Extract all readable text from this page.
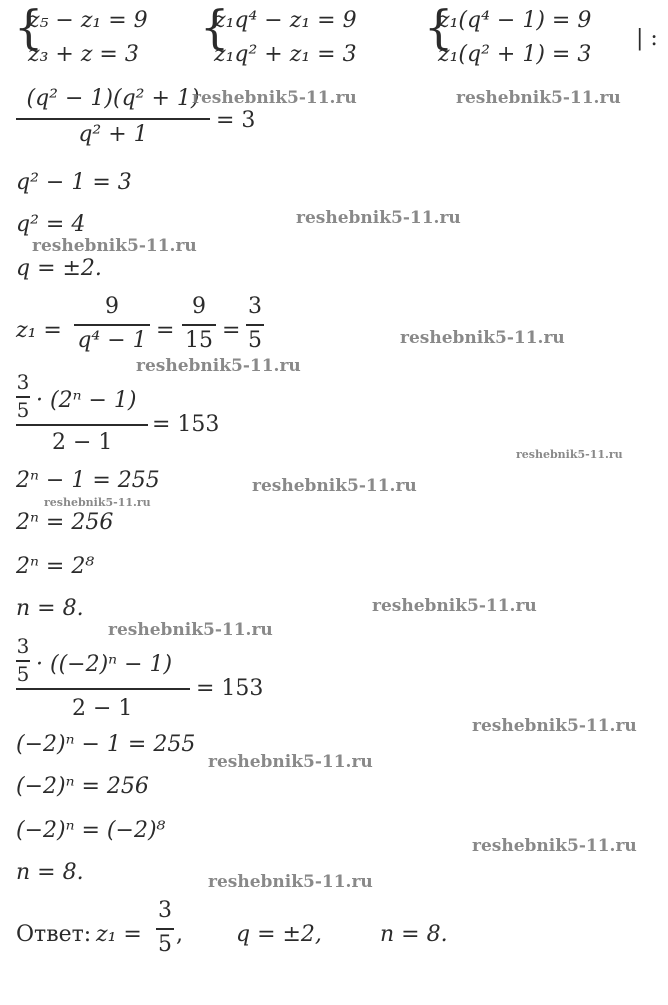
{
z₅ − z₁ = 9
z₃ + z = 3
{
z₁q⁴ − z₁ = 9
z₁q² + z₁ = 3
{
z₁(q⁴ − 1) = 9
z₁(q² + 1) = 3
| :
(q² − 1)(q² + 1)
q² + 1
= 3
q² − 1 = 3
q² = 4
q = ±2.
z₁ =
9
q⁴ − 1 =
9
15 =
3
5
3
5 · (2ⁿ − 1)
2 − 1
= 153
2ⁿ − 1 = 255
2ⁿ = 256
2ⁿ = 2⁸
n = 8.
3
5 · ((−2)ⁿ − 1)
2 − 1
= 153
(−2)ⁿ − 1 = 255
(−2)ⁿ = 256
(−2)ⁿ = (−2)⁸
n = 8.
Ответ: z₁ =
3
5 , q = ±2,	n = 8.
reshebnik5-11.ru	reshebnik5-11.ru
reshebnik5-11.ru
reshebnik5-11.ru
reshebnik5-11.ru
reshebnik5-11.ru
reshebnik5-11.ru
reshebnik5-11.ru
reshebnik5-11.ru
reshebnik5-11.ru
reshebnik5-11.ru
reshebnik5-11.ru
reshebnik5-11.ru
reshebnik5-11.ru
reshebnik5-11.ru
